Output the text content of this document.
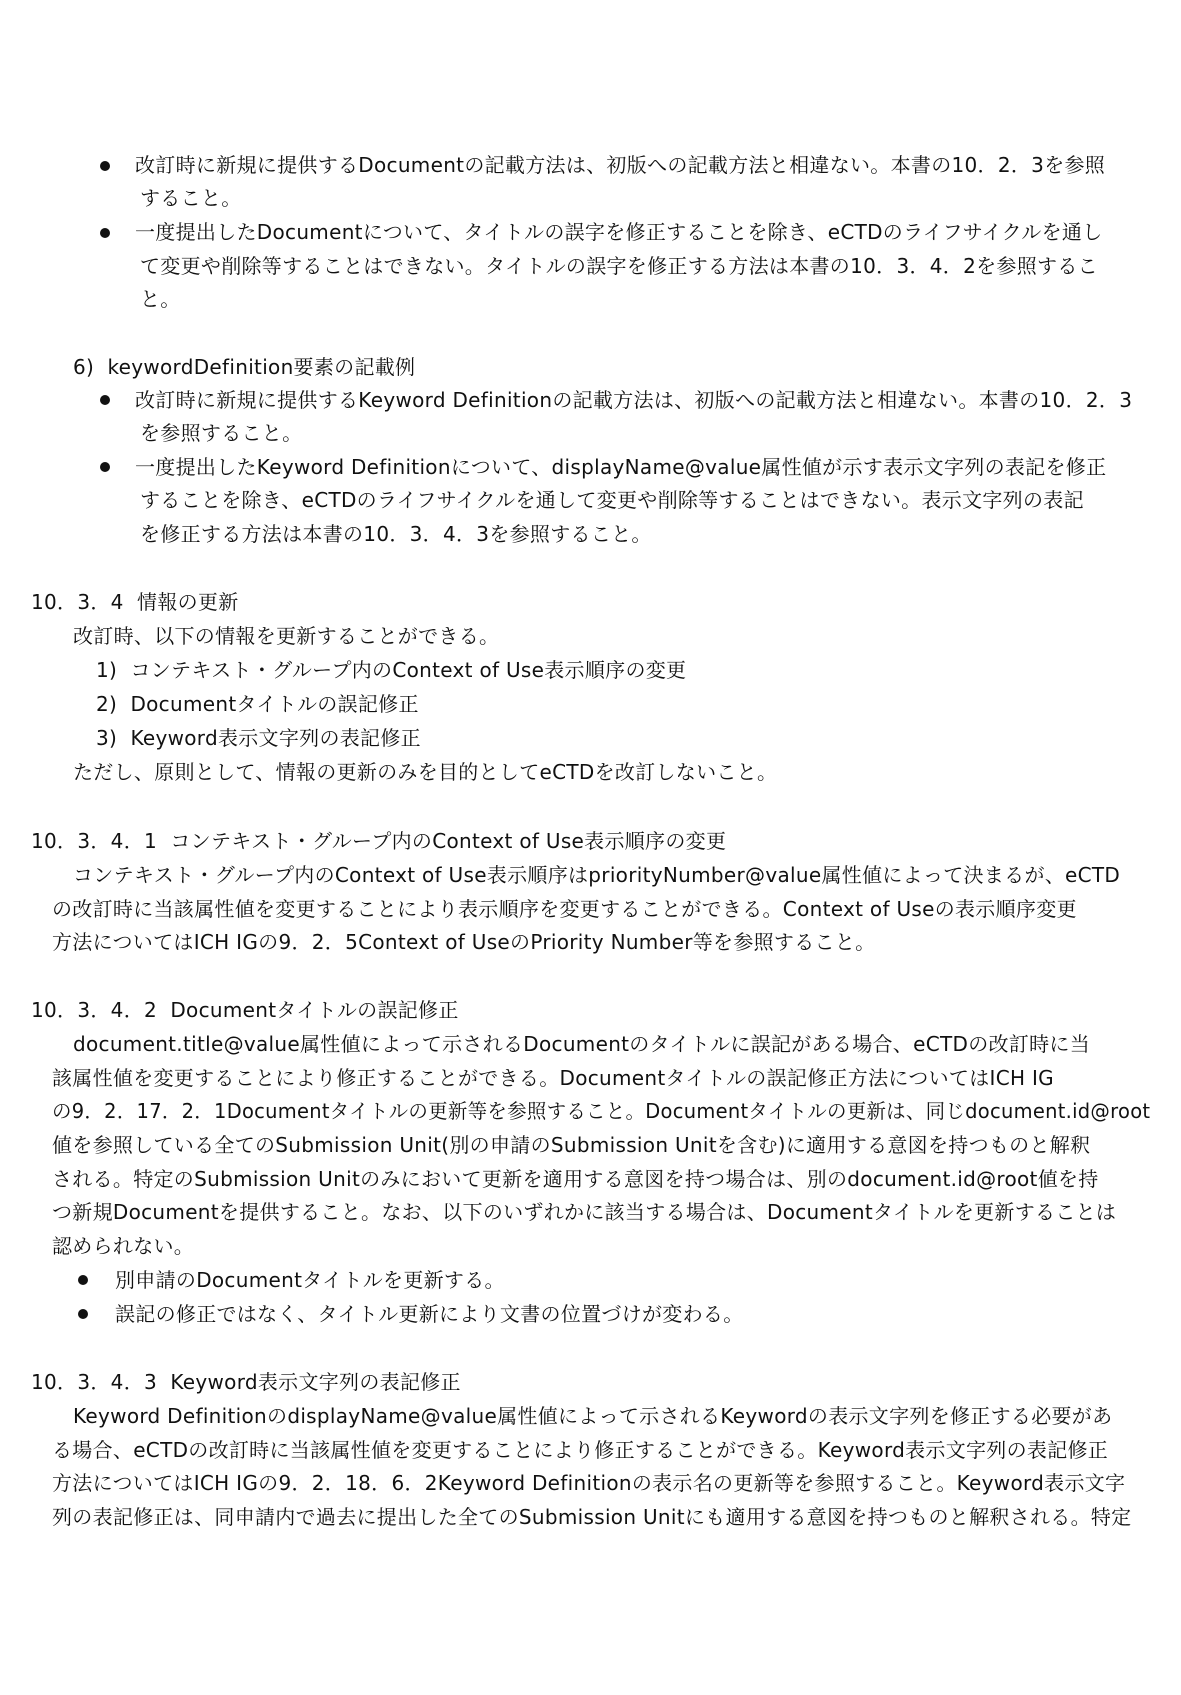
改訂時に新規に提供するDocumentの記載方法は、初版への記載方法と相違ない。本書の10．2．3を参照

すること。

一度提出したDocumentについて、タイトルの誤字を修正することを除き、eCTDのライフサイクルを通し

て変更や削除等することはできない。タイトルの誤字を修正する方法は本書の10．3．4．2を参照するこ

と。

6)  keywordDefinition要素の記載例

改訂時に新規に提供するKeyword Definitionの記載方法は、初版への記載方法と相違ない。本書の10．2．3

を参照すること。

一度提出したKeyword Definitionについて、displayName@value属性値が示す表示文字列の表記を修正

することを除き、eCTDのライフサイクルを通して変更や削除等することはできない。表示文字列の表記

を修正する方法は本書の10．3．4．3を参照すること。

10．3．4  情報の更新

改訂時、以下の情報を更新することができる。

1)  コンテキスト・グループ内のContext of Use表示順序の変更

2)  Documentタイトルの誤記修正

3)  Keyword表示文字列の表記修正

ただし、原則として、情報の更新のみを目的としてeCTDを改訂しないこと。

10．3．4．1  コンテキスト・グループ内のContext of Use表示順序の変更

コンテキスト・グループ内のContext of Use表示順序はpriorityNumber@value属性値によって決まるが、eCTD

の改訂時に当該属性値を変更することにより表示順序を変更することができる。Context of Useの表示順序変更

方法についてはICH IGの9．2．5Context of UseのPriority Number等を参照すること。

10．3．4．2  Documentタイトルの誤記修正

document.title@value属性値によって示されるDocumentのタイトルに誤記がある場合、eCTDの改訂時に当

該属性値を変更することにより修正することができる。Documentタイトルの誤記修正方法についてはICH IG

の9．2．17．2．1Documentタイトルの更新等を参照すること。Documentタイトルの更新は、同じdocument.id@root

値を参照している全てのSubmission Unit(別の申請のSubmission Unitを含む)に適用する意図を持つものと解釈

される。特定のSubmission Unitのみにおいて更新を適用する意図を持つ場合は、別のdocument.id@root値を持

つ新規Documentを提供すること。なお、以下のいずれかに該当する場合は、Documentタイトルを更新することは

認められない。

別申請のDocumentタイトルを更新する。

誤記の修正ではなく、タイトル更新により文書の位置づけが変わる。

10．3．4．3  Keyword表示文字列の表記修正

Keyword DefinitionのdisplayName@value属性値によって示されるKeywordの表示文字列を修正する必要があ

る場合、eCTDの改訂時に当該属性値を変更することにより修正することができる。Keyword表示文字列の表記修正

方法についてはICH IGの9．2．18．6．2Keyword Definitionの表示名の更新等を参照すること。Keyword表示文字

列の表記修正は、同申請内で過去に提出した全てのSubmission Unitにも適用する意図を持つものと解釈される。特定
